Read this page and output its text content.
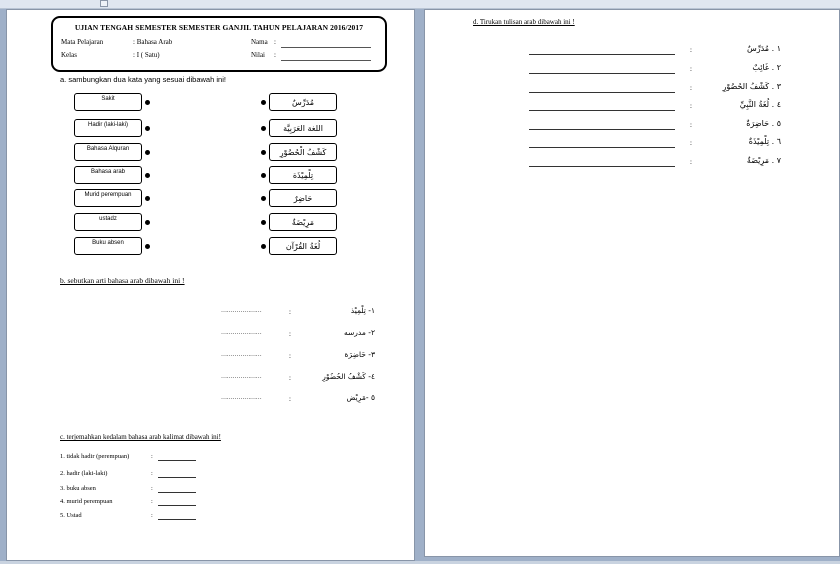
UJIAN TENGAH SEMESTER SEMESTER GANJIL TAHUN PELAJARAN 2016/2017
Mata Pelajaran	: Bahasa Arab
Kelas	: I ( Satu)
Nama :
Nilai :
a. sambungkan dua kata yang sesuai dibawah ini!
Sakit	مُدَرِّسٌ
Hadir (laki-laki)	اللغة العَرَبِيَّة
Bahasa Alquran	كَشْفُ الْحُضُوْرِ
Bahasa arab	تِلْمِيْذَة
Murid perempuan	حَاضِرٌ
ustadz	مَرِيْضَةٌ
Buku absen	لُغَةُ القُرْآن
b. sebutkan arti bahasa arab dibawah ini !
…………………	:	١- تِلْمِيْذ
…………………	:	٢- مدرسه
…………………	:	٣- حَاضِرَة
…………………	:	٤- كَشْفُ الحُضُوْرِ
…………………	:	٥ -مَرِيْض
c. terjemahkan kedalam bahasa arab kalimat dibawah ini!
1. tidak hadir (perempuan)	:
2. hadir (laki-laki)	:
3. buku absen	:
4. murid perempuan	:
5. Ustad	:
d. Tirukan tulisan arab dibawah ini !
:	١ . مُدَرِّسٌ
:	٢ . غَائِبٌ
:	٣ . كَشْفُ الحُضُوْرِ
:	٤ . لُغَةُ النَّبِيِّ
:	٥ . حَاضِرَةٌ
:	٦ . تِلْمِيْذَةٌ
:	٧ . مَرِيْضَةٌ
